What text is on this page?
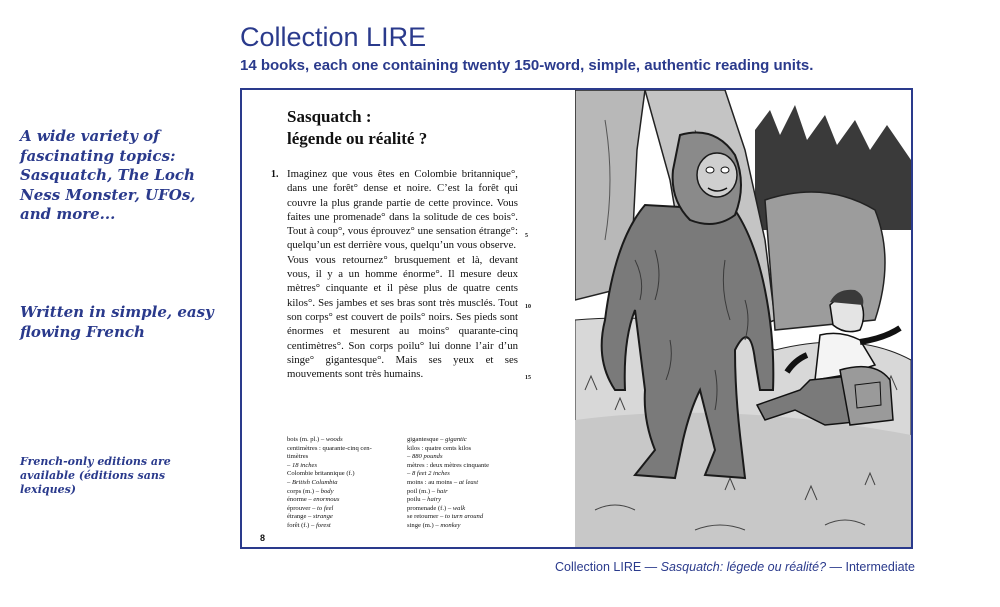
Collection LIRE
14 books, each one containing twenty 150-word, simple, authentic reading units.
A wide variety of fascinating topics: Sasquatch, The Loch Ness Monster, UFOs, and more...
Written in simple, easy flowing French
French-only editions are available (éditions sans lexiques)
Sasquatch :
légende ou réalité ?
1. Imaginez que vous êtes en Colombie britannique°, dans une forêt° dense et noire. C’est la forêt qui couvre la plus grande partie de cette province. Vous faites une promenade° dans la solitude de ces bois°. Tout à coup°, vous éprouvez° une sensation étrange°: quelqu’un est derrière vous, quelqu’un vous observe.

Vous vous retournez° brusquement et là, devant vous, il y a un homme énorme°. Il mesure deux mètres° cinquante et il pèse plus de quatre cents kilos°. Ses jambes et ses bras sont très musclés. Tout son corps° est couvert de poils° noirs. Ses pieds sont énormes et mesurent au moins° quarante-cinq centimètres°. Son corps poilu° lui donne l’air d’un singe° gigantesque°. Mais ses yeux et ses mouvements sont très humains.

5
10
15
bois (m. pl.) – woods
centimètres : quarante-cinq cen-
timètres
– 18 inches
Colombie britannique (f.)
– British Columbia
corps (m.) – body
énorme – enormous
éprouver – to feel
étrange – strange
forêt (f.) – forest
gigantesque – gigantic
kilos : quatre cents kilos
– 880 pounds
mètres : deux mètres cinquante
– 8 feet 2 inches
moins : au moins – at least
poil (m.) – hair
poilu – hairy
promenade (f.) – walk
se retourner – to turn around
singe (m.) – monkey
8
Collection LIRE — Sasquatch: légede ou réalité? — Intermediate
